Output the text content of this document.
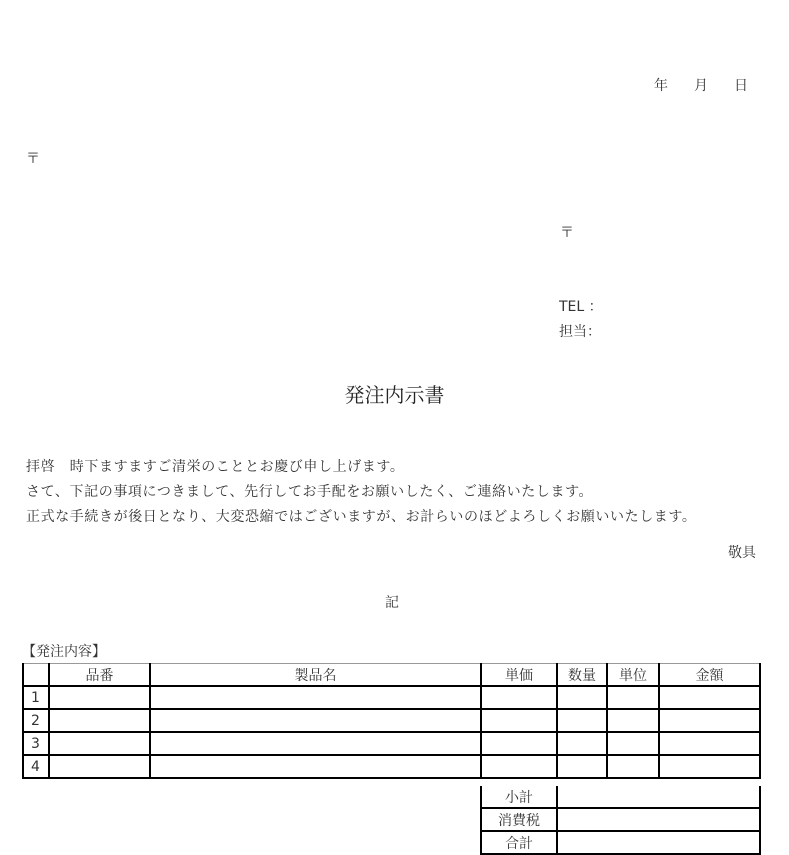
年 月 日
〒
〒
TEL ：
担当：
発注内示書
拝啓　時下ますますご清栄のこととお慶び申し上げます。
さて、下記の事項につきまして、先行してお手配をお願いしたく、ご連絡いたします。
正式な手続きが後日となり、大変恐縮ではございますが、お計らいのほどよろしくお願いいたします。
敬具
記
【発注内容】
	品番	製品名	単価	数量	単位	金額
1						
2						
3						
4						
小計	
消費税	
合計	
